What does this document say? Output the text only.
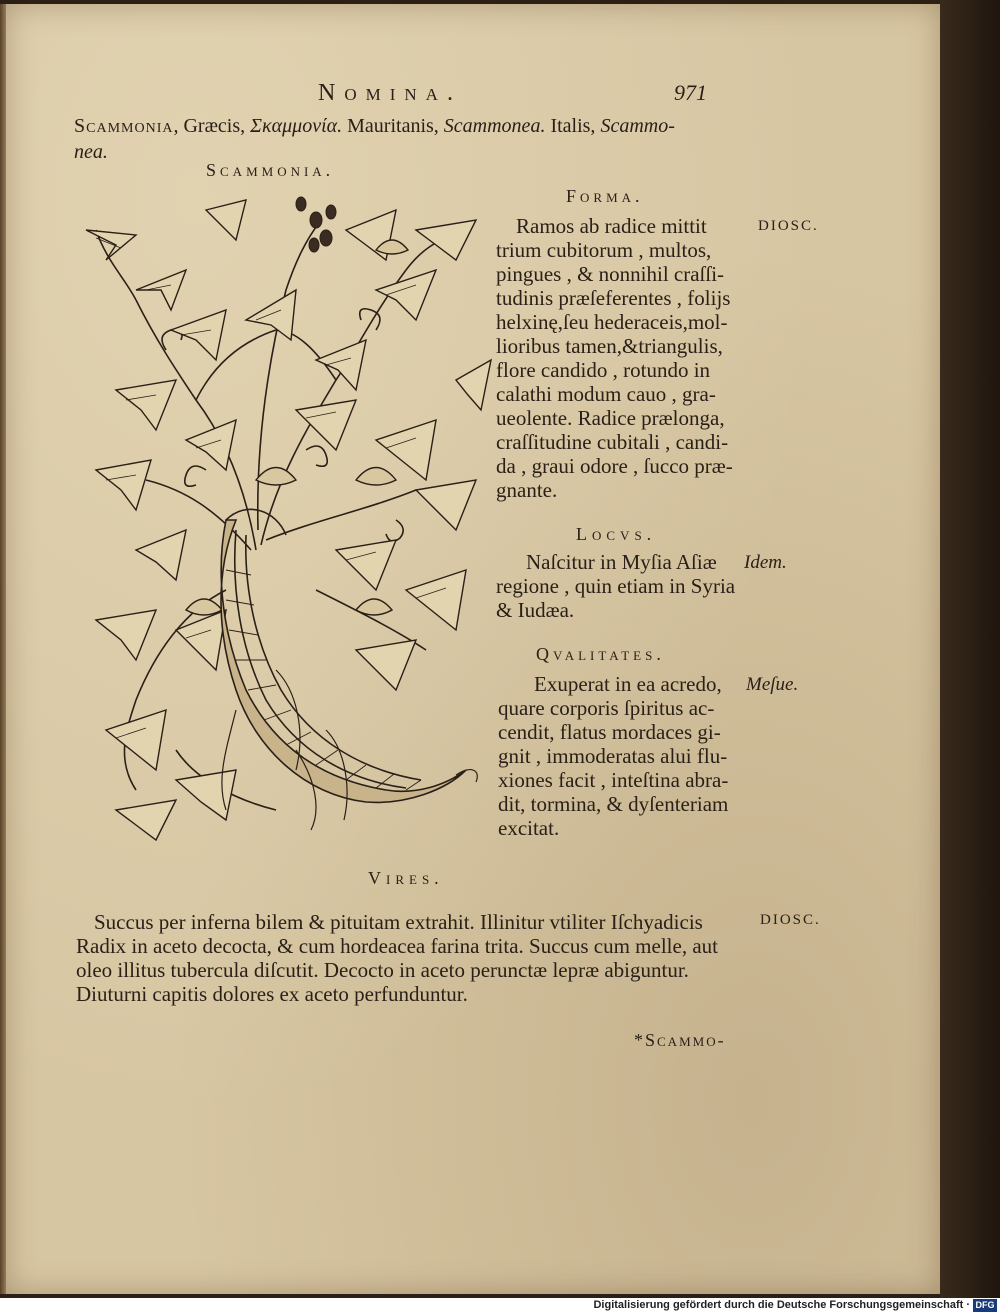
Nomina.	971
Scammonia, Græcis, Σκαμμονία. Mauritanis, Scammonea. Italis, Scammo-
nea.
Scammonia.
Forma.
DIOSC.
Ramos ab radice mittit
trium cubitorum , multos,
pingues , & nonnihil craſſi-
tudinis præſeferentes , folijs
helxinę,ſeu hederaceis,mol-
lioribus tamen,&triangulis,
flore candido , rotundo in
calathi modum cauo , gra-
ueolente. Radice prælonga,
craſſitudine cubitali , candi-
da , graui odore , ſucco præ-
gnante.
Locvs.
Idem.
Naſcitur in Myſia Aſiæ
regione , quin etiam in Syria
& Iudæa.
Qvalitates.
Meſue.
Exuperat in ea acredo,
quare corporis ſpiritus ac-
cendit, flatus mordaces gi-
gnit , immoderatas alui flu-
xiones facit , inteſtina abra-
dit, tormina, & dyſenteriam
excitat.
Vires.
DIOSC.
Succus per inferna bilem & pituitam extrahit. Illinitur vtiliter Iſchyadicis
Radix in aceto decocta, & cum hordeacea farina trita. Succus cum melle, aut
oleo illitus tubercula diſcutit. Decocto in aceto perunctæ lepræ abiguntur.
Diuturni capitis dolores ex aceto perfunduntur.
*Scammo-
Digitalisierung gefördert durch die Deutsche Forschungsgemeinschaft · DFG
